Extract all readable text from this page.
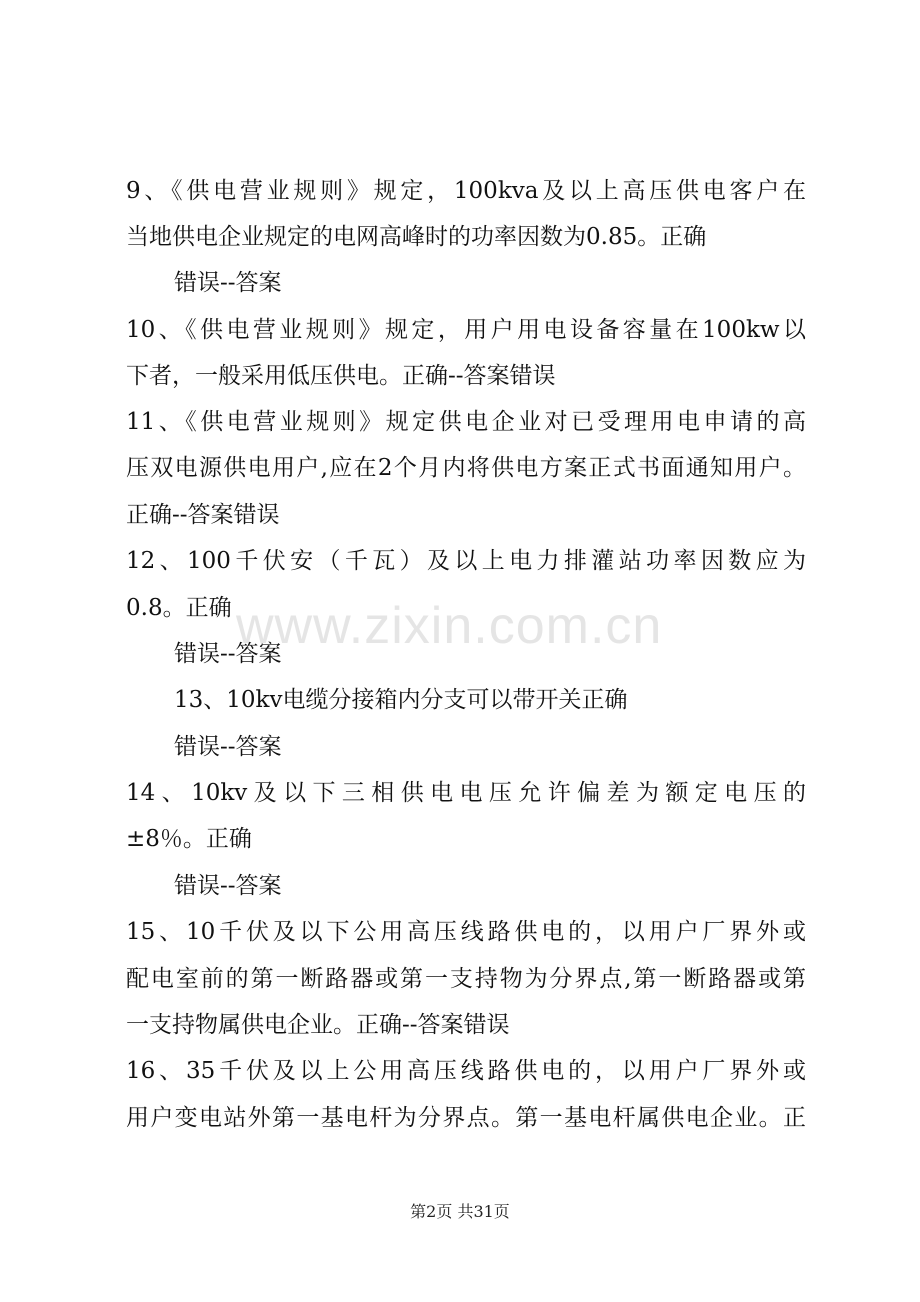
9、《供电营业规则》规定，100kva及以上高压供电客户在
当地供电企业规定的电网高峰时的功率因数为0.85。正确
错误--答案
10、《供电营业规则》规定，用户用电设备容量在100kw以
下者，一般采用低压供电。正确--答案错误
11、《供电营业规则》规定供电企业对已受理用电申请的高
压双电源供电用户,应在2个月内将供电方案正式书面通知用户。
正确--答案错误
12、100千伏安（千瓦）及以上电力排灌站功率因数应为
0.8。正确
错误--答案
13、10kv电缆分接箱内分支可以带开关正确
错误--答案
14、10kv及以下三相供电电压允许偏差为额定电压的
±8％。正确
错误--答案
15、10千伏及以下公用高压线路供电的，以用户厂界外或
配电室前的第一断路器或第一支持物为分界点,第一断路器或第
一支持物属供电企业。正确--答案错误
16、35千伏及以上公用高压线路供电的，以用户厂界外或
用户变电站外第一基电杆为分界点。第一基电杆属供电企业。正
www.zixin.com.cn
第2页 共31页
